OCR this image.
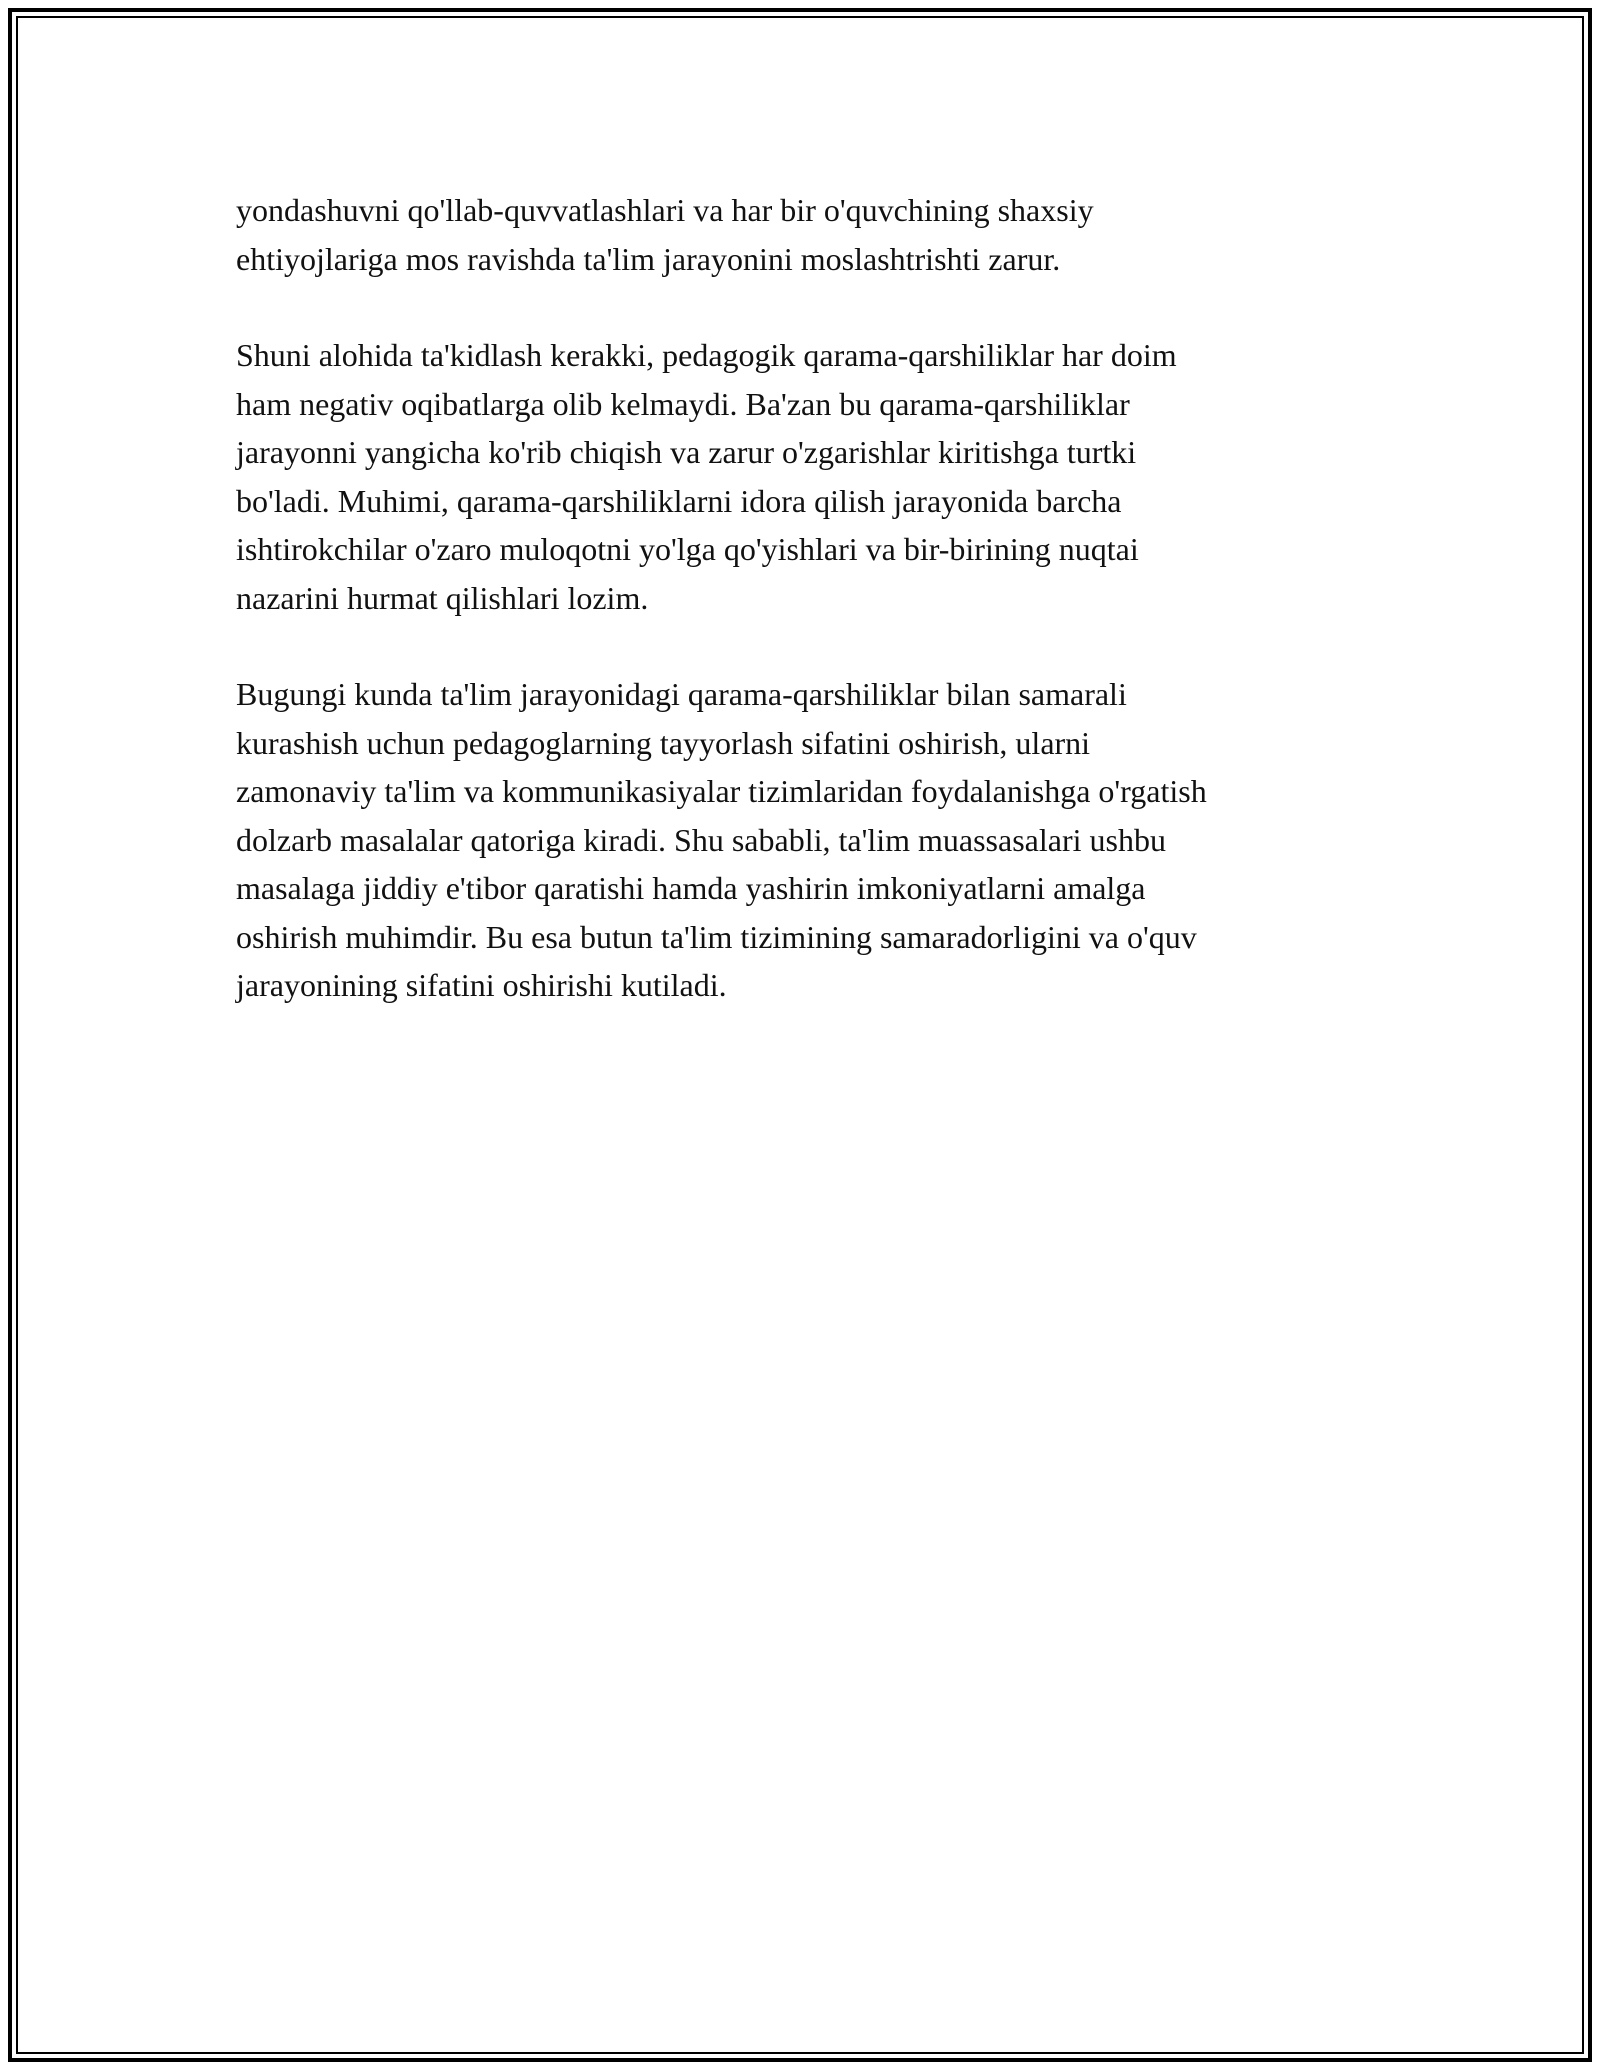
yondashuvni qo'llab-quvvatlashlari va har bir o'quvchining shaxsiy
ehtiyojlariga mos ravishda ta'lim jarayonini moslashtrishti zarur.

Shuni alohida ta'kidlash kerakki, pedagogik qarama-qarshiliklar har doim
ham negativ oqibatlarga olib kelmaydi. Ba'zan bu qarama-qarshiliklar
jarayonni yangicha ko'rib chiqish va zarur o'zgarishlar kiritishga turtki
bo'ladi. Muhimi, qarama-qarshiliklarni idora qilish jarayonida barcha
ishtirokchilar o'zaro muloqotni yo'lga qo'yishlari va bir-birining nuqtai
nazarini hurmat qilishlari lozim.

Bugungi kunda ta'lim jarayonidagi qarama-qarshiliklar bilan samarali
kurashish uchun pedagoglarning tayyorlash sifatini oshirish, ularni
zamonaviy ta'lim va kommunikasiyalar tizimlaridan foydalanishga o'rgatish
dolzarb masalalar qatoriga kiradi. Shu sababli, ta'lim muassasalari ushbu
masalaga jiddiy e'tibor qaratishi hamda yashirin imkoniyatlarni amalga
oshirish muhimdir. Bu esa butun ta'lim tizimining samaradorligini va o'quv
jarayonining sifatini oshirishi kutiladi.
